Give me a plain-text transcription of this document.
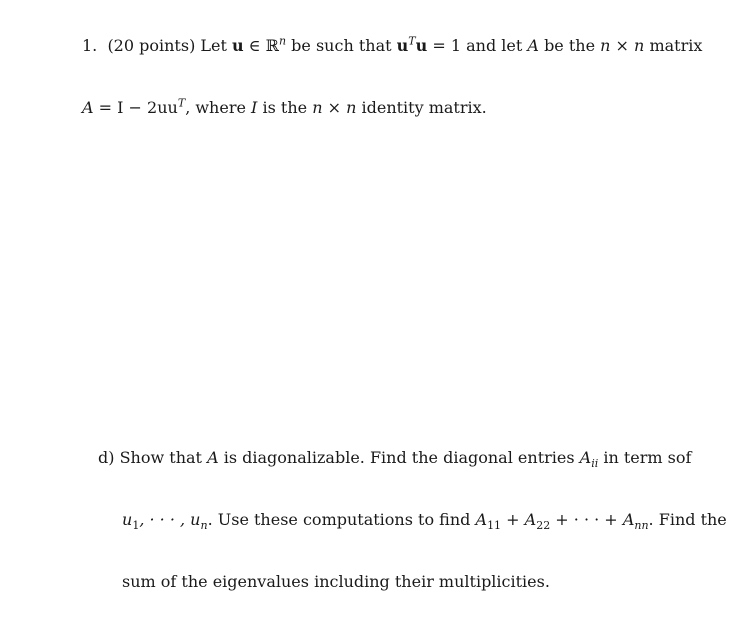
1. (20 points) Let u ∈ ℝ$^n$ be such that $u^Tu = 1$ and let A be the n × n matrix
$A = I - 2uu^T$, where I is the n × n identity matrix.
d) Show that A is diagonalizable. Find the diagonal entries $A_{ii}$ in term sof
$u_1$, · · · , $u_n$. Use these computations to find $A_{11} + A_{22}$ + · · · + $A_{nn}$. Find the
sum of the eigenvalues including their multiplicities.
